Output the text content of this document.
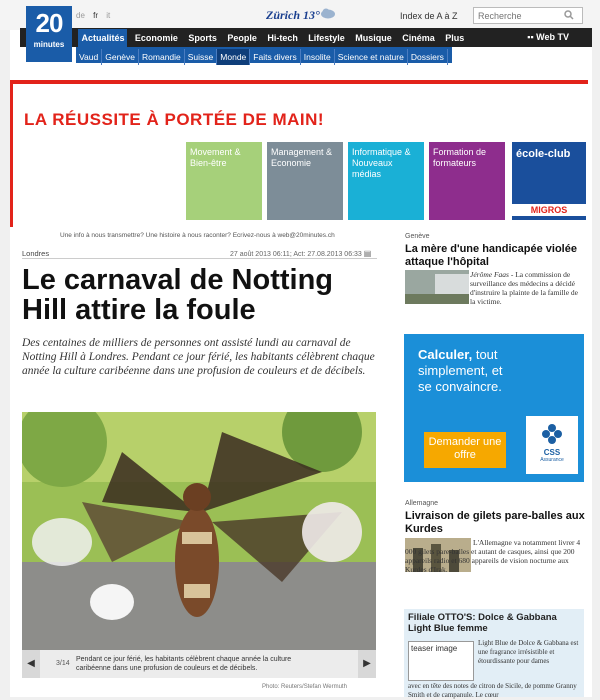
de fr it	Zürich 13°	Index de A à Z
Recherche
Actualités Economie Sports People Hi-tech Lifestyle Musique Cinéma Plus	▪▪ Web TV
Vaud Genève Romandie Suisse Monde Faits divers Insolite Science et nature Dossiers
20
minutes
LA RÉUSSITE À PORTÉE DE MAIN!
Movement & Bien-être
Management & Economie
Informatique & Nouveaux médias
Formation de formateurs
école-club
MIGROS
Une info à nous transmettre? Une histoire à nous raconter? Ecrivez-nous à web@20minutes.ch
Londres	27 août 2013 06:11; Act: 27.08.2013 06:33 ▤
Le carnaval de Notting Hill attire la foule

Des centaines de milliers de personnes ont assisté lundi au carnaval de Notting Hill à Londres. Pendant ce jour férié, les habitants célèbrent chaque année la culture caribéenne dans une profusion de couleurs et de décibels.

◀	3/14
Pendant ce jour férié, les habitants célèbrent chaque année la culture caribéenne dans une profusion de couleurs et de décibels.	▶
Photo: Reuters/Stefan Wermuth
Genève
La mère d'une handicapée violée attaque l'hôpital
Jérôme Faas - La commission de surveillance des médecins a décidé d'instruire la plainte de la famille de la victime.
Calculer, tout
simplement, et
se convaincre.
Demander une offre	CSS
Assurance
Allemagne
Livraison de gilets pare-balles aux Kurdes
L'Allemagne va notamment livrer 4 000 gilets pare-balles et autant de casques, ainsi que 200 appareils radio et 680 appareils de vision nocturne aux Kurdes d'Irak.
Filiale OTTO'S: Dolce & Gabbana Light Blue femme
teaser image
Light Blue de Dolce & Gabbana est une fragrance irrésistible et étourdissante pour dames
avec en tête des notes de citron de Sicile, de pomme Granny Smith et de campanule. Le cœur
